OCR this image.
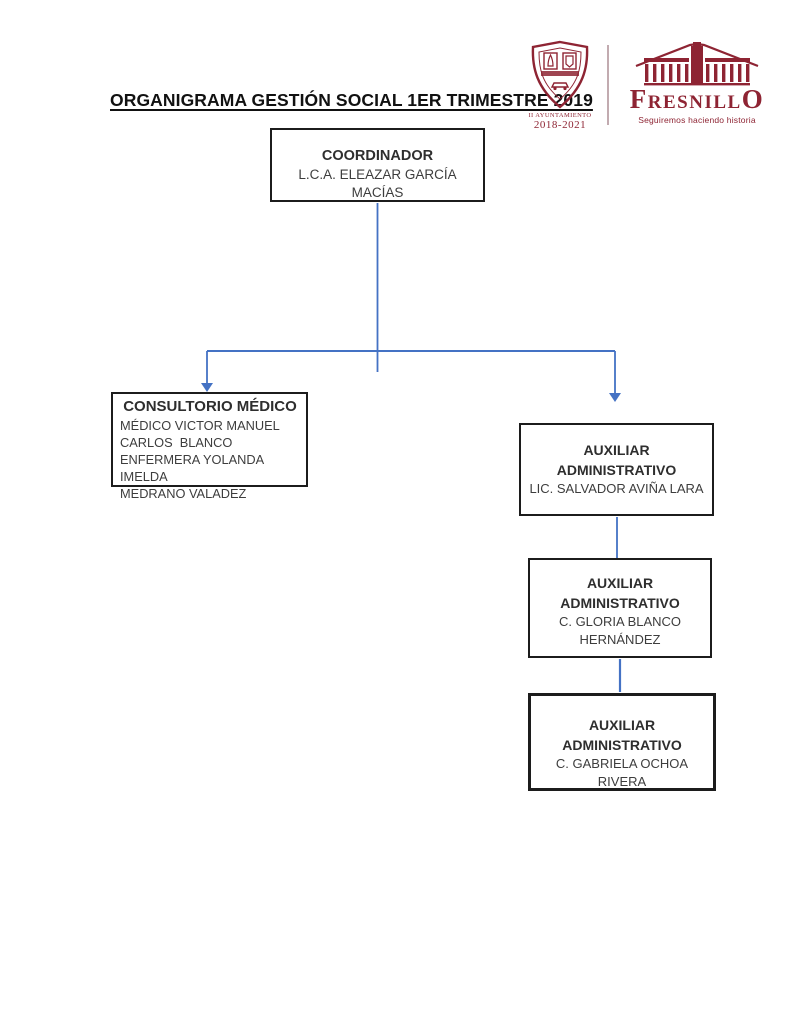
ORGANIGRAMA GESTIÓN SOCIAL 1ER TRIMESTRE 2019
II AYUNTAMIENTO
2018-2021
FRESNILLO
Seguiremos haciendo historia
COORDINADOR
L.C.A. ELEAZAR GARCÍA MACÍAS
CONSULTORIO MÉDICO
MÉDICO VICTOR MANUEL
CARLOS  BLANCO
ENFERMERA YOLANDA IMELDA
MEDRANO VALADEZ
AUXILIAR ADMINISTRATIVO
LIC. SALVADOR AVIÑA LARA
AUXILIAR ADMINISTRATIVO
C. GLORIA BLANCO HERNÁNDEZ
AUXILIAR ADMINISTRATIVO
C. GABRIELA OCHOA RIVERA
